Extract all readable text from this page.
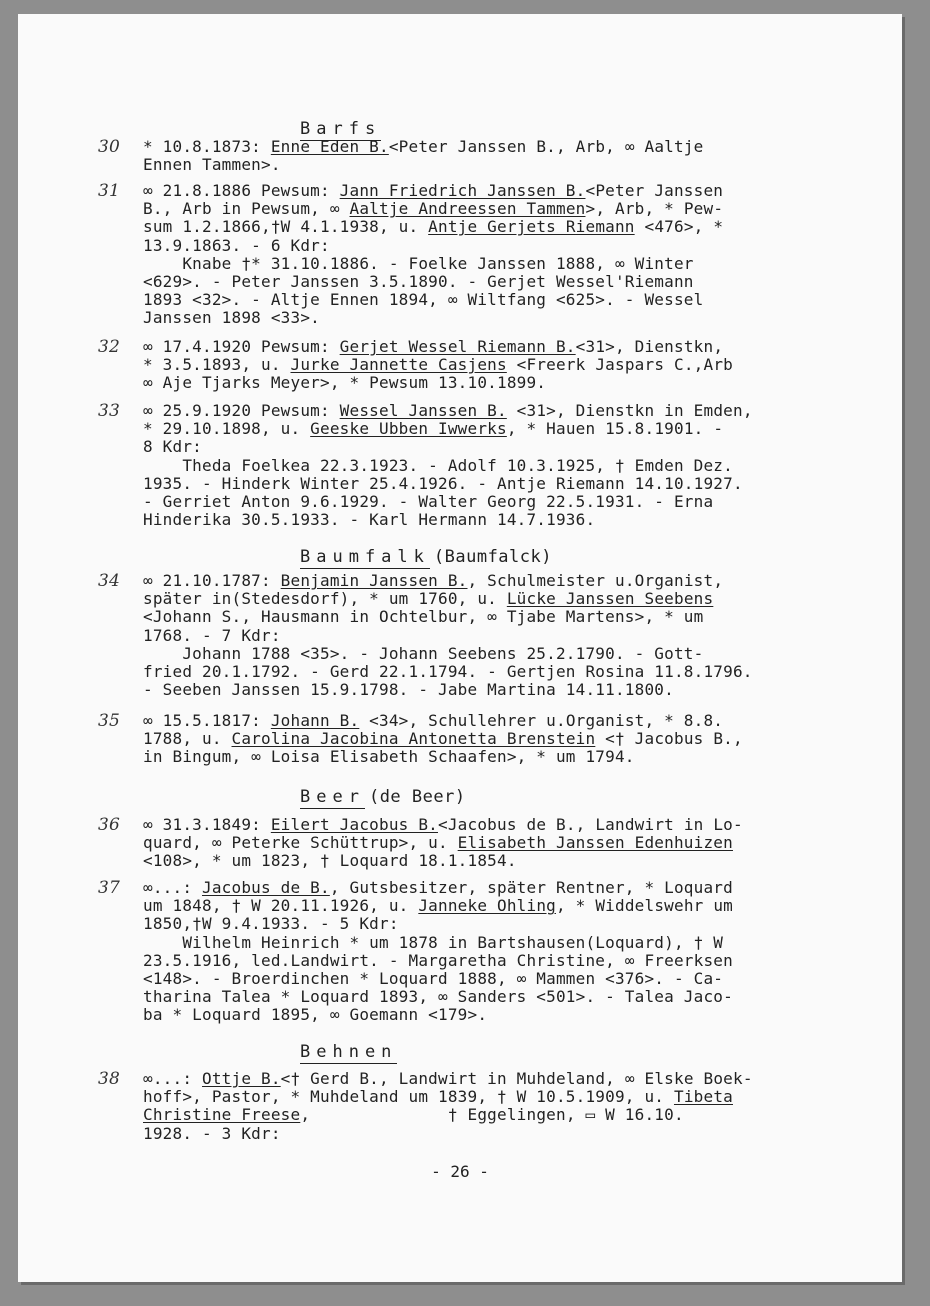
Barfs
30	* 10.8.1873: Enne Eden B.<Peter Janssen B., Arb, ∞ Aaltje
Ennen Tammen>.
31	∞ 21.8.1886 Pewsum: Jann Friedrich Janssen B.<Peter Janssen
B., Arb in Pewsum, ∞ Aaltje Andreessen Tammen>, Arb, * Pew-
sum 1.2.1866,†W 4.1.1938, u. Antje Gerjets Riemann <476>, *
13.9.1863. - 6 Kdr:
Knabe †* 31.10.1886. - Foelke Janssen 1888, ∞ Winter
<629>. - Peter Janssen 3.5.1890. - Gerjet Wessel'Riemann
1893 <32>. - Altje Ennen 1894, ∞ Wiltfang <625>. - Wessel
Janssen 1898 <33>.
32	∞ 17.4.1920 Pewsum: Gerjet Wessel Riemann B.<31>, Dienstkn,
* 3.5.1893, u. Jurke Jannette Casjens <Freerk Jaspars C.,Arb
∞ Aje Tjarks Meyer>, * Pewsum 13.10.1899.
33	∞ 25.9.1920 Pewsum: Wessel Janssen B. <31>, Dienstkn in Emden,
* 29.10.1898, u. Geeske Ubben Iwwerks, * Hauen 15.8.1901. -
8 Kdr:
Theda Foelkea 22.3.1923. - Adolf 10.3.1925, † Emden Dez.
1935. - Hinderk Winter 25.4.1926. - Antje Riemann 14.10.1927.
- Gerriet Anton 9.6.1929. - Walter Georg 22.5.1931. - Erna
Hinderika 30.5.1933. - Karl Hermann 14.7.1936.
Baumfalk (Baumfalck)
34	∞ 21.10.1787: Benjamin Janssen B., Schulmeister u.Organist,
später in(Stedesdorf), * um 1760, u. Lücke Janssen Seebens
<Johann S., Hausmann in Ochtelbur, ∞ Tjabe Martens>, * um
1768. - 7 Kdr:
Johann 1788 <35>. - Johann Seebens 25.2.1790. - Gott-
fried 20.1.1792. - Gerd 22.1.1794. - Gertjen Rosina 11.8.1796.
- Seeben Janssen 15.9.1798. - Jabe Martina 14.11.1800.
35	∞ 15.5.1817: Johann B. <34>, Schullehrer u.Organist, * 8.8.
1788, u. Carolina Jacobina Antonetta Brenstein <† Jacobus B.,
in Bingum, ∞ Loisa Elisabeth Schaafen>, * um 1794.
Beer (de Beer)
36	∞ 31.3.1849: Eilert Jacobus B.<Jacobus de B., Landwirt in Lo-
quard, ∞ Peterke Schüttrup>, u. Elisabeth Janssen Edenhuizen
<108>, * um 1823, † Loquard 18.1.1854.
37	∞...: Jacobus de B., Gutsbesitzer, später Rentner, * Loquard
um 1848, † W 20.11.1926, u. Janneke Ohling, * Widdelswehr um
1850,†W 9.4.1933. - 5 Kdr:
Wilhelm Heinrich * um 1878 in Bartshausen(Loquard), † W
23.5.1916, led.Landwirt. - Margaretha Christine, ∞ Freerksen
<148>. - Broerdinchen * Loquard 1888, ∞ Mammen <376>. - Ca-
tharina Talea * Loquard 1893, ∞ Sanders <501>. - Talea Jaco-
ba * Loquard 1895, ∞ Goemann <179>.
Behnen
38	∞...: Ottje B.<† Gerd B., Landwirt in Muhdeland, ∞ Elske Boek-
hoff>, Pastor, * Muhdeland um 1839, † W 10.5.1909, u. Tibeta
Christine Freese,              † Eggelingen, ▭ W 16.10.
1928. - 3 Kdr:
- 26 -
